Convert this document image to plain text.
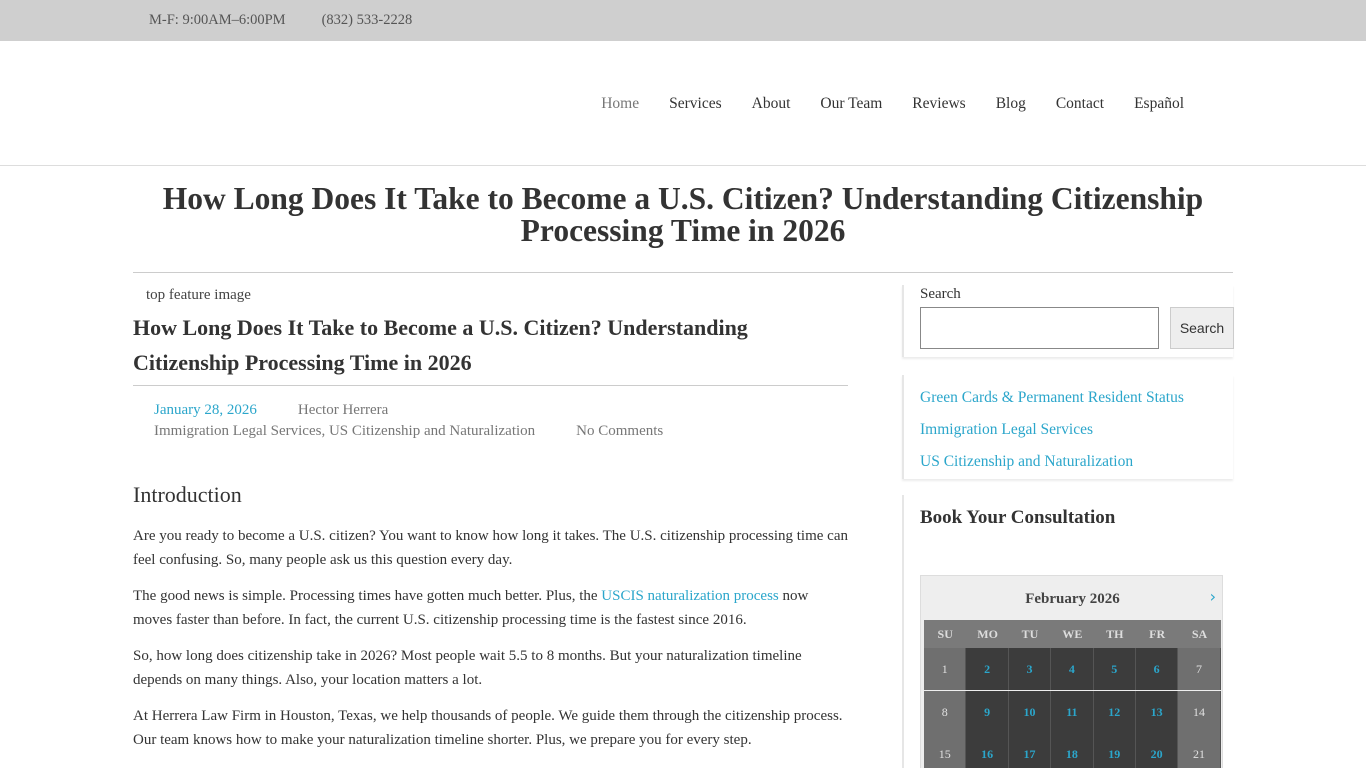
M-F: 9:00AM–6:00PM (832) 533-2228
Home Services About Our Team Reviews Blog Contact Español
How Long Does It Take to Become a U.S. Citizen? Understanding Citizenship Processing Time in 2026
top feature image
How Long Does It Take to Become a U.S. Citizen? Understanding Citizenship Processing Time in 2026
January 28, 2026	Hector Herrera
Immigration Legal Services, US Citizenship and Naturalization	No Comments
Introduction

Are you ready to become a U.S. citizen? You want to know how long it takes. The U.S. citizenship processing time can feel confusing. So, many people ask us this question every day.

The good news is simple. Processing times have gotten much better. Plus, the USCIS naturalization process now moves faster than before. In fact, the current U.S. citizenship processing time is the fastest since 2016.

So, how long does citizenship take in 2026? Most people wait 5.5 to 8 months. But your naturalization timeline depends on many things. Also, your location matters a lot.

At Herrera Law Firm in Houston, Texas, we help thousands of people. We guide them through the citizenship process. Our team knows how to make your naturalization timeline shorter. Plus, we prepare you for every step.

Search
Search
Green Cards & Permanent Resident Status
Immigration Legal Services
US Citizenship and Naturalization
Book Your Consultation
February 2026	›
SU	MO	TU	WE	TH	FR	SA
1	2	3	4	5	6	7
8	9	10	11	12	13	14
15	16	17	18	19	20	21
